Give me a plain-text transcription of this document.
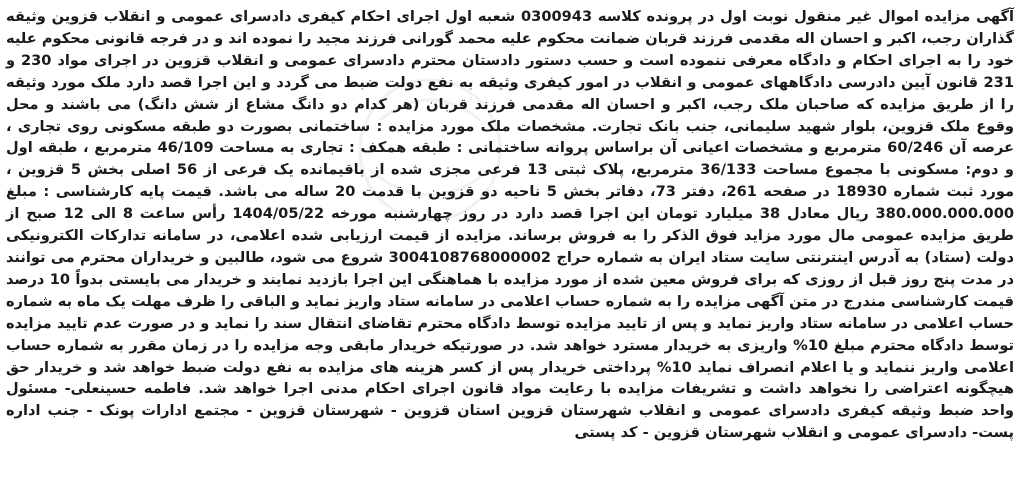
آگهی مزایده اموال غیر منقول نوبت اول در پرونده کلاسه 0300943 شعبه اول اجرای احکام کیفری دادسرای عمومی و انقلاب قزوین وثیقه گذاران رجب، اکبر و احسان اله مقدمی فرزند قربان ضمانت محکوم علیه محمد گورانی فرزند مجید را نموده اند و در فرجه قانونی محکوم علیه خود را به اجرای احکام و دادگاه معرفی ننموده است و حسب دستور دادستان محترم دادسرای عمومی و انقلاب قزوین در اجرای مواد 230 و 231 قانون آیین دادرسی دادگاههای عمومی و انقلاب در امور کیفری وثیقه به نفع دولت ضبط می گردد و این اجرا قصد دارد ملک مورد وثیقه را از طریق مزایده که صاحبان ملک رجب، اکبر و احسان اله مقدمی فرزند قربان (هر کدام دو دانگ مشاع از شش دانگ) می باشند و محل وقوع ملک قزوین، بلوار شهید سلیمانی، جنب بانک تجارت. مشخصات ملک مورد مزایده : ساختمانی بصورت دو طبقه مسکونی روی تجاری ، عرصه آن 60/246 مترمربع و مشخصات اعیانی آن براساس پروانه ساختمانی : طبقه همکف : تجاری به مساحت 46/109 مترمربع ، طبقه اول و دوم: مسکونی با مجموع مساحت 36/133 مترمربع، پلاک ثبتی 13 فرعی مجزی شده از باقیمانده یک فرعی از 56 اصلی بخش 5 قزوین ، مورد ثبت شماره 18930 در صفحه 261، دفتر 73، دفاتر بخش 5 ناحیه دو قزوین با قدمت 20 ساله می باشد. قیمت پایه کارشناسی : مبلغ 380.000.000.000 ریال معادل 38 میلیارد تومان این اجرا قصد دارد در روز چهارشنبه مورخه 1404/05/22 رأس ساعت 8 الی 12 صبح از طریق مزایده عمومی مال مورد مزاید فوق الذکر را به فروش برساند. مزایده از قیمت ارزیابی شده اعلامی، در سامانه تدارکات الکترونیکی دولت (ستاد) به آدرس اینترنتی سایت ستاد ایران به شماره حراج 3004108768000002 شروع می شود، طالبین و خریداران محترم می توانند در مدت پنج روز قبل از روزی که برای فروش معین شده از مورد مزایده با هماهنگی این اجرا بازدید نمایند و خریدار می بایستی بدواً 10 درصد قیمت کارشناسی مندرج در متن آگهی مزایده را به شماره حساب اعلامی در سامانه ستاد واریز نماید و الباقی را ظرف مهلت یک ماه به شماره حساب اعلامی در سامانه ستاد واریز نماید و پس از تایید مزایده توسط دادگاه محترم تقاضای انتقال سند را نماید و در صورت عدم تایید مزایده توسط دادگاه محترم مبلغ 10% واریزی به خریدار مسترد خواهد شد. در صورتیکه خریدار مابقی وجه مزایده را در زمان مقرر به شماره حساب اعلامی واریز ننماید و یا اعلام انصراف نماید 10% پرداختی خریدار پس از کسر هزینه های مزایده به نفع دولت ضبط خواهد شد و خریدار حق هیچگونه اعتراضی را نخواهد داشت و تشریفات مزایده با رعایت مواد قانون اجرای احکام مدنی اجرا خواهد شد. فاطمه حسینعلی- مسئول واحد ضبط وثیقه کیفری دادسرای عمومی و انقلاب شهرستان قزوین استان قزوین - شهرستان قزوین - مجتمع ادارات پونک - جنب اداره پست- دادسرای عمومی و انقلاب شهرستان قزوین - کد پستی
